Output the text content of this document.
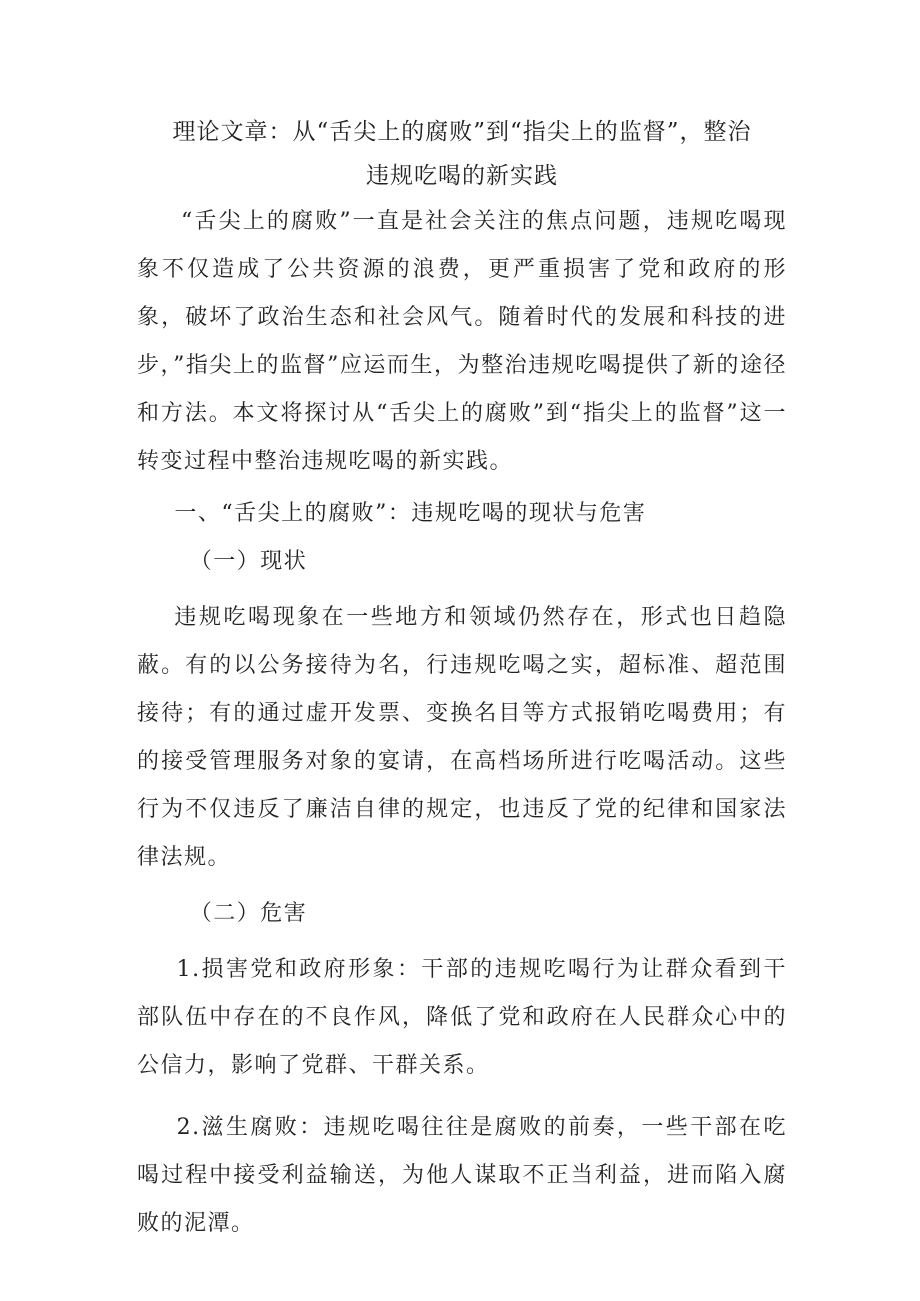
理论文章：从“舌尖上的腐败”到“指尖上的监督”，整治
违规吃喝的新实践

“舌尖上的腐败”一直是社会关注的焦点问题，违规吃喝现象不仅造成了公共资源的浪费，更严重损害了党和政府的形象，破坏了政治生态和社会风气。随着时代的发展和科技的进步，”指尖上的监督”应运而生，为整治违规吃喝提供了新的途径和方法。本文将探讨从“舌尖上的腐败”到“指尖上的监督”这一转变过程中整治违规吃喝的新实践。

一、“舌尖上的腐败”：违规吃喝的现状与危害

（一）现状

违规吃喝现象在一些地方和领域仍然存在，形式也日趋隐蔽。有的以公务接待为名，行违规吃喝之实，超标准、超范围接待；有的通过虚开发票、变换名目等方式报销吃喝费用；有的接受管理服务对象的宴请，在高档场所进行吃喝活动。这些行为不仅违反了廉洁自律的规定，也违反了党的纪律和国家法律法规。

（二）危害

1.损害党和政府形象：干部的违规吃喝行为让群众看到干部队伍中存在的不良作风，降低了党和政府在人民群众心中的公信力，影响了党群、干群关系。

2.滋生腐败：违规吃喝往往是腐败的前奏，一些干部在吃喝过程中接受利益输送，为他人谋取不正当利益，进而陷入腐败的泥潭。
